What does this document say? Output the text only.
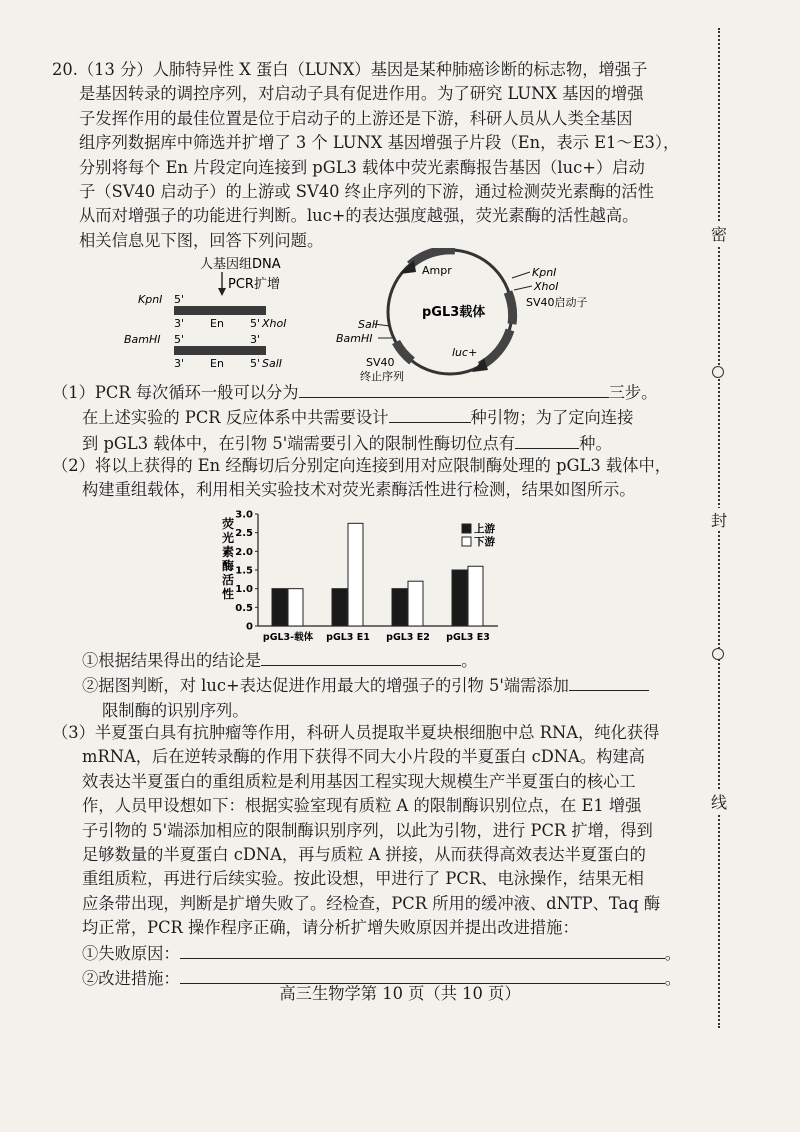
20.（13 分）人肺特异性 X 蛋白（LUNX）基因是某种肺癌诊断的标志物，增强子
是基因转录的调控序列，对启动子具有促进作用。为了研究 LUNX 基因的增强
子发挥作用的最佳位置是位于启动子的上游还是下游，科研人员从人类全基因
组序列数据库中筛选并扩增了 3 个 LUNX 基因增强子片段（En，表示 E1～E3），
分别将每个 En 片段定向连接到 pGL3 载体中荧光素酶报告基因（luc+）启动
子（SV40 启动子）的上游或 SV40 终止序列的下游，通过检测荧光素酶的活性
从而对增强子的功能进行判断。luc+的表达强度越强，荧光素酶的活性越高。
相关信息见下图，回答下列问题。
人基因组DNA
PCR扩增
KpnⅠ 5'
3' En 5' XhoⅠ
BamHⅠ 5'	3'
3' En 5' SalⅠ
Ampr
pGL3载体
KpnⅠ
XhoⅠ
SV40启动子
SalⅠ
BamHⅠ
luc+
SV40
终止序列
（1）PCR 每次循环一般可以分为	三步。
在上述实验的 PCR 反应体系中共需要设计	种引物；为了定向连接
到 pGL3 载体中，在引物 5'端需要引入的限制性酶切位点有	种。
（2）将以上获得的 En 经酶切后分别定向连接到用对应限制酶处理的 pGL3 载体中，
构建重组载体，利用相关实验技术对荧光素酶活性进行检测，结果如图所示。
荧
光
素
酶
活
性
0
0.5
1.0
1.5
2.0
2.5
3.0
pGL3-载体 pGL3 E1 pGL3 E2 pGL3 E3
上游
下游
①根据结果得出的结论是	。
②据图判断，对 luc+表达促进作用最大的增强子的引物 5'端需添加
限制酶的识别序列。
（3）半夏蛋白具有抗肿瘤等作用，科研人员提取半夏块根细胞中总 RNA，纯化获得
mRNA，后在逆转录酶的作用下获得不同大小片段的半夏蛋白 cDNA。构建高
效表达半夏蛋白的重组质粒是利用基因工程实现大规模生产半夏蛋白的核心工
作，人员甲设想如下：根据实验室现有质粒 A 的限制酶识别位点，在 E1 增强
子引物的 5'端添加相应的限制酶识别序列，以此为引物，进行 PCR 扩增，得到
足够数量的半夏蛋白 cDNA，再与质粒 A 拼接，从而获得高效表达半夏蛋白的
重组质粒，再进行后续实验。按此设想，甲进行了 PCR、电泳操作，结果无相
应条带出现，判断是扩增失败了。经检查，PCR 所用的缓冲液、dNTP、Taq 酶
均正常，PCR 操作程序正确，请分析扩增失败原因并提出改进措施：
①失败原因：	。
②改进措施：	。
高三生物学第 10 页（共 10 页）
密
封
线
